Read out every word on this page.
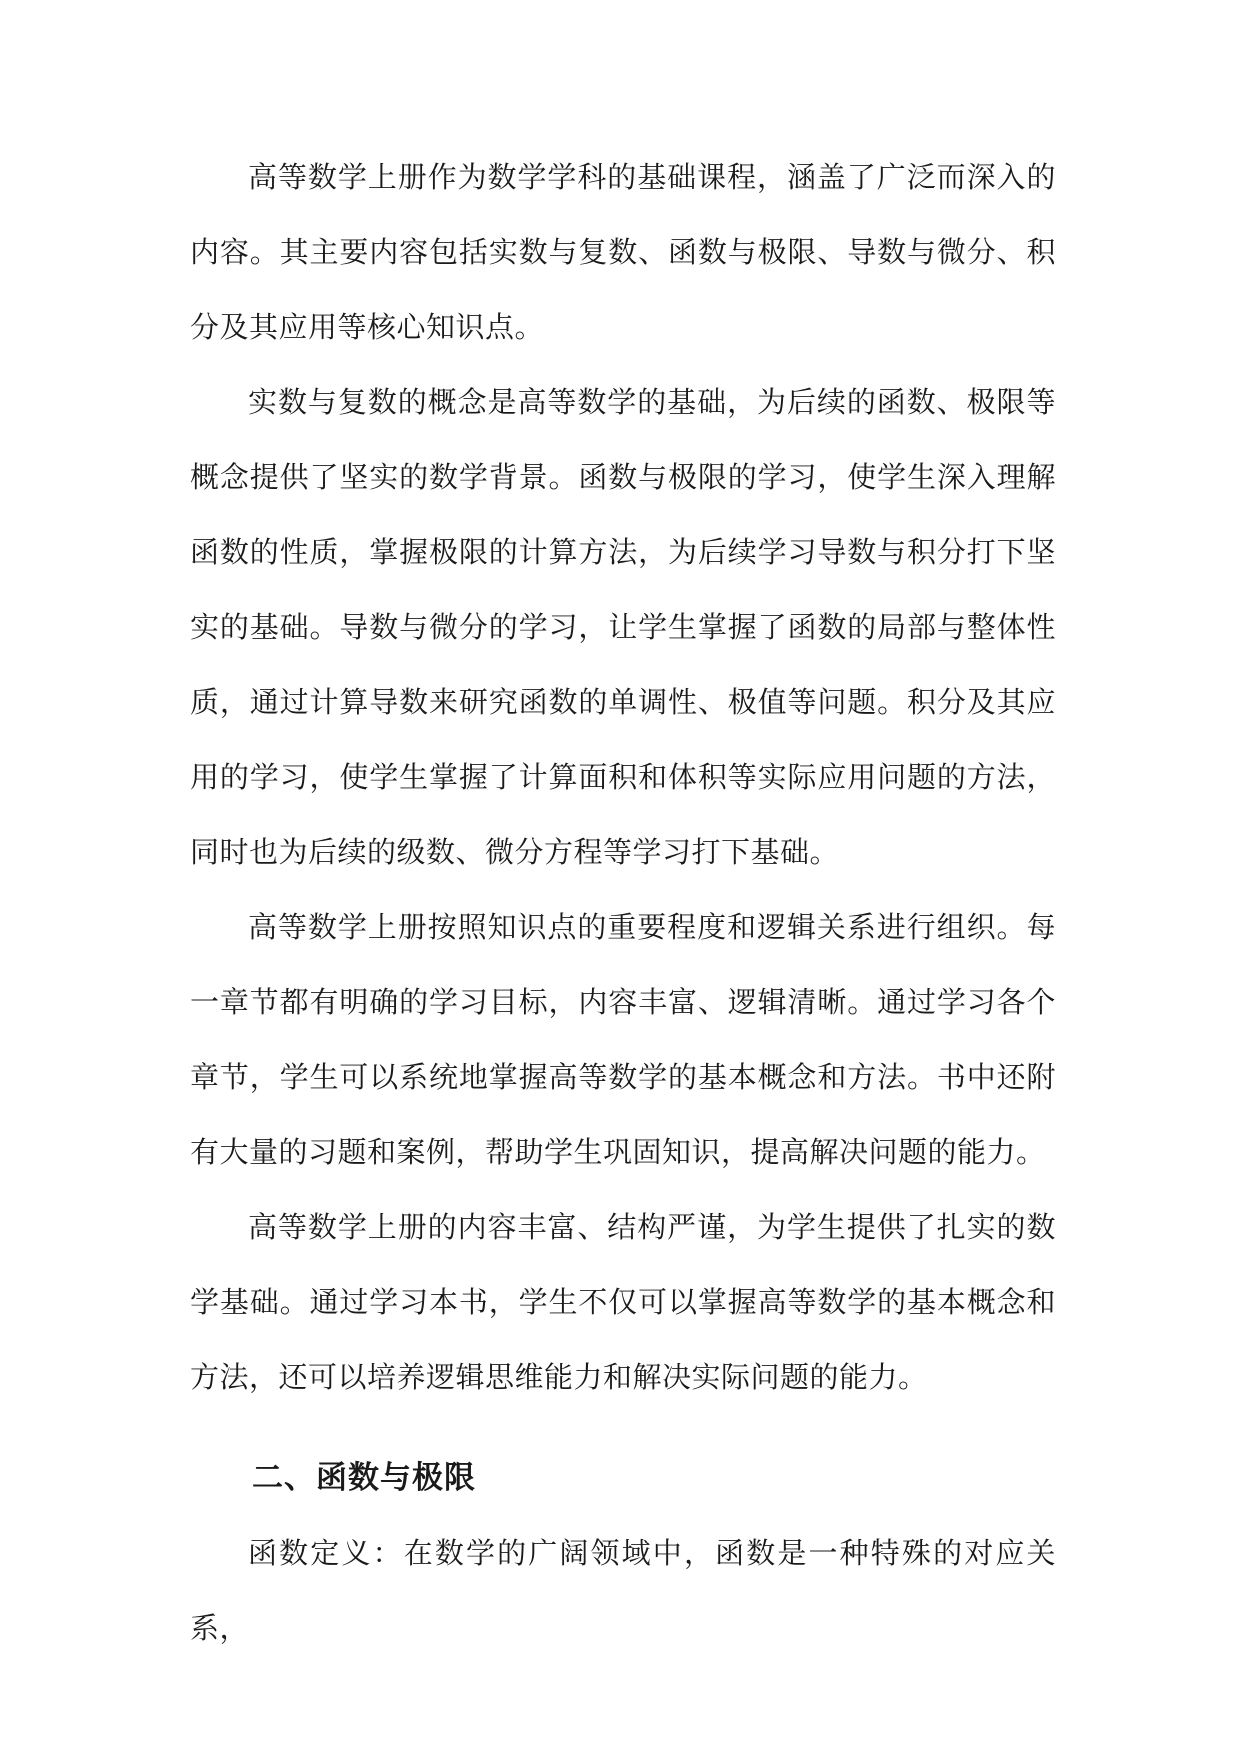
高等数学上册作为数学学科的基础课程，涵盖了广泛而深入的内容。其主要内容包括实数与复数、函数与极限、导数与微分、积分及其应用等核心知识点。

实数与复数的概念是高等数学的基础，为后续的函数、极限等概念提供了坚实的数学背景。函数与极限的学习，使学生深入理解函数的性质，掌握极限的计算方法，为后续学习导数与积分打下坚实的基础。导数与微分的学习，让学生掌握了函数的局部与整体性质，通过计算导数来研究函数的单调性、极值等问题。积分及其应用的学习，使学生掌握了计算面积和体积等实际应用问题的方法，同时也为后续的级数、微分方程等学习打下基础。

高等数学上册按照知识点的重要程度和逻辑关系进行组织。每一章节都有明确的学习目标，内容丰富、逻辑清晰。通过学习各个章节，学生可以系统地掌握高等数学的基本概念和方法。书中还附有大量的习题和案例，帮助学生巩固知识，提高解决问题的能力。

高等数学上册的内容丰富、结构严谨，为学生提供了扎实的数学基础。通过学习本书，学生不仅可以掌握高等数学的基本概念和方法，还可以培养逻辑思维能力和解决实际问题的能力。

二、函数与极限

函数定义：在数学的广阔领域中，函数是一种特殊的对应关系，
